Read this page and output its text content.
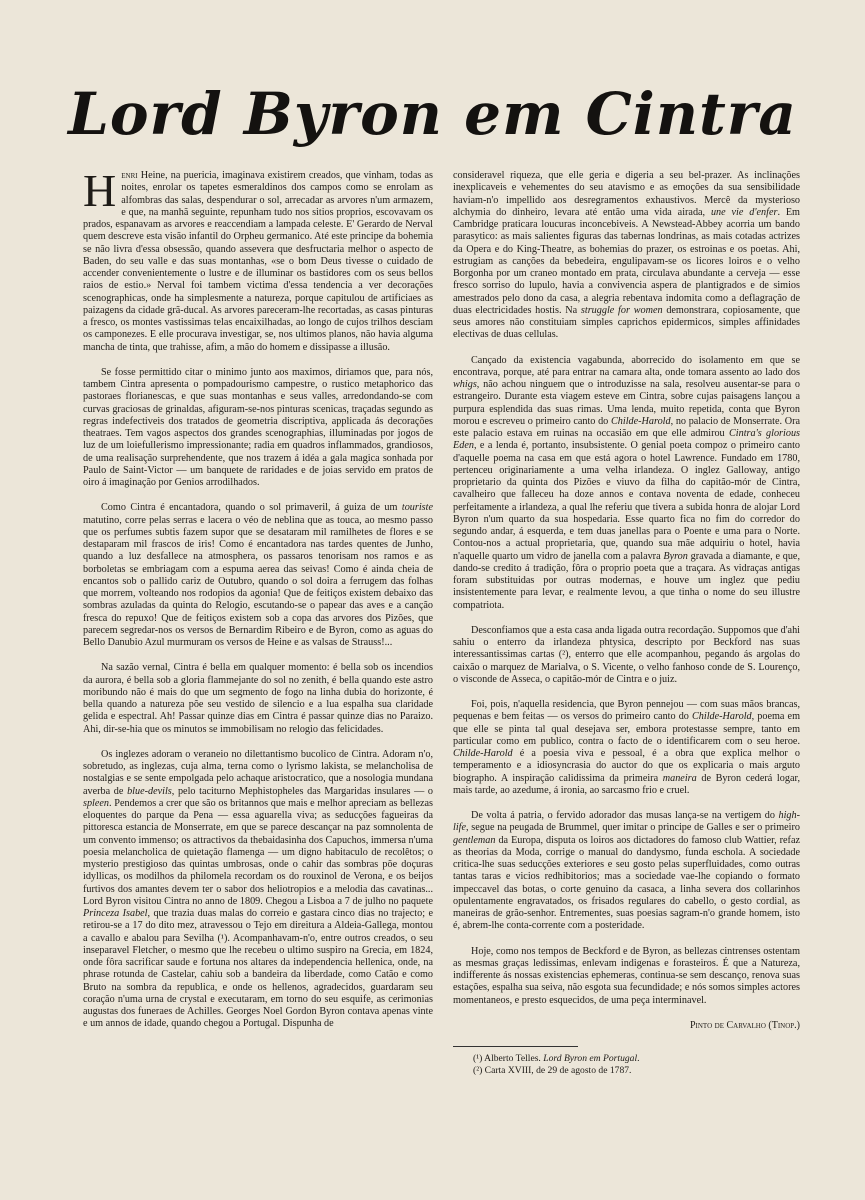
Lord Byron em Cintra

Henri Heine, na puericia, imaginava existirem creados, que vinham, todas as noites, enrolar os tapetes esmeraldinos dos campos como se enrolam as alfombras das salas, despendurar o sol, arrecadar as arvores n'um armazem, e que, na manhã seguinte, repunham tudo nos sitios proprios, escovavam os prados, espanavam as arvores e reaccendiam a lampada celeste. E' Gerardo de Nerval quem descreve esta visão infantil do Orpheu germanico. Até este principe da bohemia se não livra d'essa obsessão, quando assevera que desfructaria melhor o aspecto de Baden, do seu valle e das suas montanhas, «se o bom Deus tivesse o cuidado de accender convenientemente o lustre e de illuminar os bastidores com os seus bellos raios de estio.» Nerval foi tambem victima d'essa tendencia a ver decorações scenographicas, onde ha simplesmente a natureza, porque capitulou de artificiaes as paizagens da cidade grã-ducal. As arvores pareceram-lhe recortadas, as casas pinturas a fresco, os montes vastissimas telas encaixilhadas, ao longo de cujos trilhos desciam os camponezes. E elle procurava investigar, se, nos ultimos planos, não havia alguma mancha de tinta, que trahisse, afim, a mão do homem e dissipasse a illusão.

Se fosse permittido citar o minimo junto aos maximos, diriamos que, para nós, tambem Cintra apresenta o pompadourismo campestre, o rustico metaphorico das pastoraes florianescas, e que suas montanhas e seus valles, arredondando-se com curvas graciosas de grinaldas, afiguram-se-nos pinturas scenicas, traçadas segundo as regras indefectiveis dos tratados de geometria discriptiva, applicada ás decorações theatraes. Tem vagos aspectos dos grandes scenographias, illuminadas por jogos de luz de um loiefullerismo impressionante; radia em quadros inflammados, grandiosos, de uma realisação surprehendente, que nos trazem á idéa a gala magica sonhada por Paulo de Saint-Victor — um banquete de raridades e de joias servido em pratos de oiro á imaginação por Genios arrodilhados.

Como Cintra é encantadora, quando o sol primaveril, á guiza de um touriste matutino, corre pelas serras e lacera o véo de neblina que as touca, ao mesmo passo que os perfumes subtis fazem supor que se desataram mil ramilhetes de flores e se destaparam mil frascos de iris! Como é encantadora nas tardes quentes de Junho, quando a luz desfallece na atmosphera, os passaros tenorisam nos ramos e as borboletas se embriagam com a espuma aerea das seivas! Como é ainda cheia de encantos sob o pallido cariz de Outubro, quando o sol doira a ferrugem das folhas que morrem, volteando nos rodopios da agonia! Que de feitiços existem debaixo das sombras azuladas da quinta do Relogio, escutando-se o papear das aves e a canção fresca do repuxo! Que de feitiços existem sob a copa das arvores dos Pizões, que parecem segredar-nos os versos de Bernardim Ribeiro e de Byron, como as aguas do Bello Danubio Azul murmuram os versos de Heine e as valsas de Strauss!...

Na sazão vernal, Cintra é bella em qualquer momento: é bella sob os incendios da aurora, é bella sob a gloria flammejante do sol no zenith, é bella quando este astro moribundo não é mais do que um segmento de fogo na linha dubia do horizonte, é bella quando a natureza põe seu vestido de silencio e a lua espalha sua claridade gelida e espectral. Ah! Passar quinze dias em Cintra é passar quinze dias no Paraizo. Ahi, dir-se-hia que os minutos se immobilisam no relogio das felicidades.

Os inglezes adoram o veraneio no dilettantismo bucolico de Cintra. Adoram n'o, sobretudo, as inglezas, cuja alma, terna como o lyrismo lakista, se melancholisa de nostalgias e se sente empolgada pelo achaque aristocratico, que a nosologia mundana averba de blue-devils, pelo taciturno Mephistopheles das Margaridas insulares — o spleen. Pendemos a crer que são os britannos que mais e melhor apreciam as bellezas eloquentes do parque da Pena — essa aguarella viva; as seducções fagueiras da pittoresca estancia de Monserrate, em que se parece descançar na paz somnolenta de um convento immenso; os attractivos da thebaidasinha dos Capuchos, immersa n'uma poesia melancholica de quietação flamenga — um digno habitaculo de recolêtos; o mysterio prestigioso das quintas umbrosas, onde o cahir das sombras põe doçuras idyllicas, os modilhos da philomela recordam os do rouxinol de Verona, e os beijos furtivos dos amantes devem ter o sabor dos heliotropios e a melodia das cavatinas... Lord Byron visitou Cintra no anno de 1809. Chegou a Lisboa a 7 de julho no paquete Princeza Isabel, que trazia duas malas do correio e gastara cinco dias no trajecto; e retirou-se a 17 do dito mez, atravessou o Tejo em direitura a Aldeia-Gallega, montou a cavallo e abalou para Sevilha (¹). Acompanhavam-n'o, entre outros creados, o seu inseparavel Fletcher, o mesmo que lhe recebeu o ultimo suspiro na Grecia, em 1824, onde fôra sacrificar saude e fortuna nos altares da independencia hellenica, onde, na phrase rotunda de Castelar, cahiu sob a bandeira da liberdade, como Catão e como Bruto na sombra da republica, e onde os hellenos, agradecidos, guardaram seu coração n'uma urna de crystal e executaram, em torno do seu esquife, as cerimonias augustas dos funeraes de Achilles. Georges Noel Gordon Byron contava apenas vinte e um annos de idade, quando chegou a Portugal. Dispunha de

consideravel riqueza, que elle geria e digeria a seu bel-prazer. As inclinações inexplicaveis e vehementes do seu atavismo e as emoções da sua sensibilidade haviam-n'o impellido aos desregramentos exhaustivos. Mercê da mysterioso alchymia do dinheiro, levara até então uma vida airada, une vie d'enfer. Em Cambridge praticara loucuras inconcebiveis. A Newstead-Abbey acorria um bando parasytico: as mais salientes figuras das tabernas londrinas, as mais cotadas actrizes da Opera e do King-Theatre, as bohemias do prazer, os estroinas e os poetas. Ahi, estrugiam as canções da bebedeira, engulipavam-se os licores loiros e o velho Borgonha por um craneo montado em prata, circulava abundante a cerveja — esse fresco sorriso do lupulo, havia a convivencia aspera de plantigrados e de simios amestrados pelo dono da casa, a alegria rebentava indomita como a deflagração de duas electricidades hostis. Na struggle for women demonstrara, copiosamente, que seus amores não constituiam simples caprichos epidermicos, simples affinidades electivas de duas cellulas.

Cançado da existencia vagabunda, aborrecido do isolamento em que se encontrava, porque, até para entrar na camara alta, onde tomara assento ao lado dos whigs, não achou ninguem que o introduzisse na sala, resolveu ausentar-se para o estrangeiro. Durante esta viagem esteve em Cintra, sobre cujas paisagens lançou a purpura esplendida das suas rimas. Uma lenda, muito repetida, conta que Byron morou e escreveu o primeiro canto do Childe-Harold, no palacio de Monserrate. Ora este palacio estava em ruinas na occasião em que elle admirou Cintra's glorious Eden, e a lenda é, portanto, insubsistente. O genial poeta compoz o primeiro canto d'aquelle poema na casa em que está agora o hotel Lawrence. Fundado em 1780, pertenceu originariamente a uma velha irlandeza. O inglez Galloway, antigo proprietario da quinta dos Pizões e viuvo da filha do capitão-mór de Cintra, cavalheiro que falleceu ha doze annos e contava noventa de edade, conheceu perfeitamente a irlandeza, a qual lhe referiu que tivera a subida honra de alojar Lord Byron n'um quarto da sua hospedaria. Esse quarto fica no fim do corredor do segundo andar, á esquerda, e tem duas janellas para o Poente e uma para o Norte. Contou-nos a actual proprietaria, que, quando sua mãe adquiriu o hotel, havia n'aquelle quarto um vidro de janella com a palavra Byron gravada a diamante, e que, dando-se credito á tradição, fôra o proprio poeta que a traçara. As vidraças antigas foram substituidas por outras modernas, e houve um inglez que pediu insistentemente para levar, e realmente levou, a que tinha o nome do seu illustre compatriota.

Desconfiamos que a esta casa anda ligada outra recordação. Suppomos que d'ahi sahiu o enterro da irlandeza phtysica, descripto por Beckford nas suas interessantissimas cartas (²), enterro que elle acompanhou, pegando ás argolas do caixão o marquez de Marialva, o S. Vicente, o velho fanhoso conde de S. Lourenço, o visconde de Asseca, o capitão-mór de Cintra e o juiz.

Foi, pois, n'aquella residencia, que Byron pennejou — com suas mãos brancas, pequenas e bem feitas — os versos do primeiro canto do Childe-Harold, poema em que elle se pinta tal qual desejava ser, embora protestasse sempre, tanto em particular como em publico, contra o facto de o identificarem com o seu heroe. Childe-Harold é a poesia viva e pessoal, é a obra que explica melhor o temperamento e a idiosyncrasia do auctor do que os explicaria o mais arguto biographo. A inspiração calidissima da primeira maneira de Byron cederá logar, mais tarde, ao azedume, á ironia, ao sarcasmo frio e cruel.

De volta á patria, o fervido adorador das musas lança-se na vertigem do high-life, segue na peugada de Brummel, quer imitar o principe de Galles e ser o primeiro gentleman da Europa, disputa os loiros aos dictadores do famoso club Wattier, refaz as theorias da Moda, corrige o manual do dandysmo, funda eschola. A sociedade critica-lhe suas seducções exteriores e seu gosto pelas superfluidades, como outras tantas taras e vicios redhibitorios; mas a sociedade vae-lhe copiando o formato impeccavel das botas, o corte genuino da casaca, a linha severa dos collarinhos opulentamente engravatados, os frisados regulares do cabello, o gesto cordial, as maneiras de grão-senhor. Entrementes, suas poesias sagram-n'o grande homem, isto é, abrem-lhe conta-corrente com a posteridade.

Hoje, como nos tempos de Beckford e de Byron, as bellezas cintrenses ostentam as mesmas graças ledissimas, enlevam indigenas e forasteiros. É que a Natureza, indifferente ás nossas existencias ephemeras, continua-se sem descanço, renova suas estações, espalha sua seiva, não esgota sua fecundidade; e nós somos simples actores momentaneos, e presto esquecidos, de uma peça interminavel.

Pinto de Carvalho (Tinop.)
(¹) Alberto Telles. Lord Byron em Portugal.
(²) Carta XVIII, de 29 de agosto de 1787.
